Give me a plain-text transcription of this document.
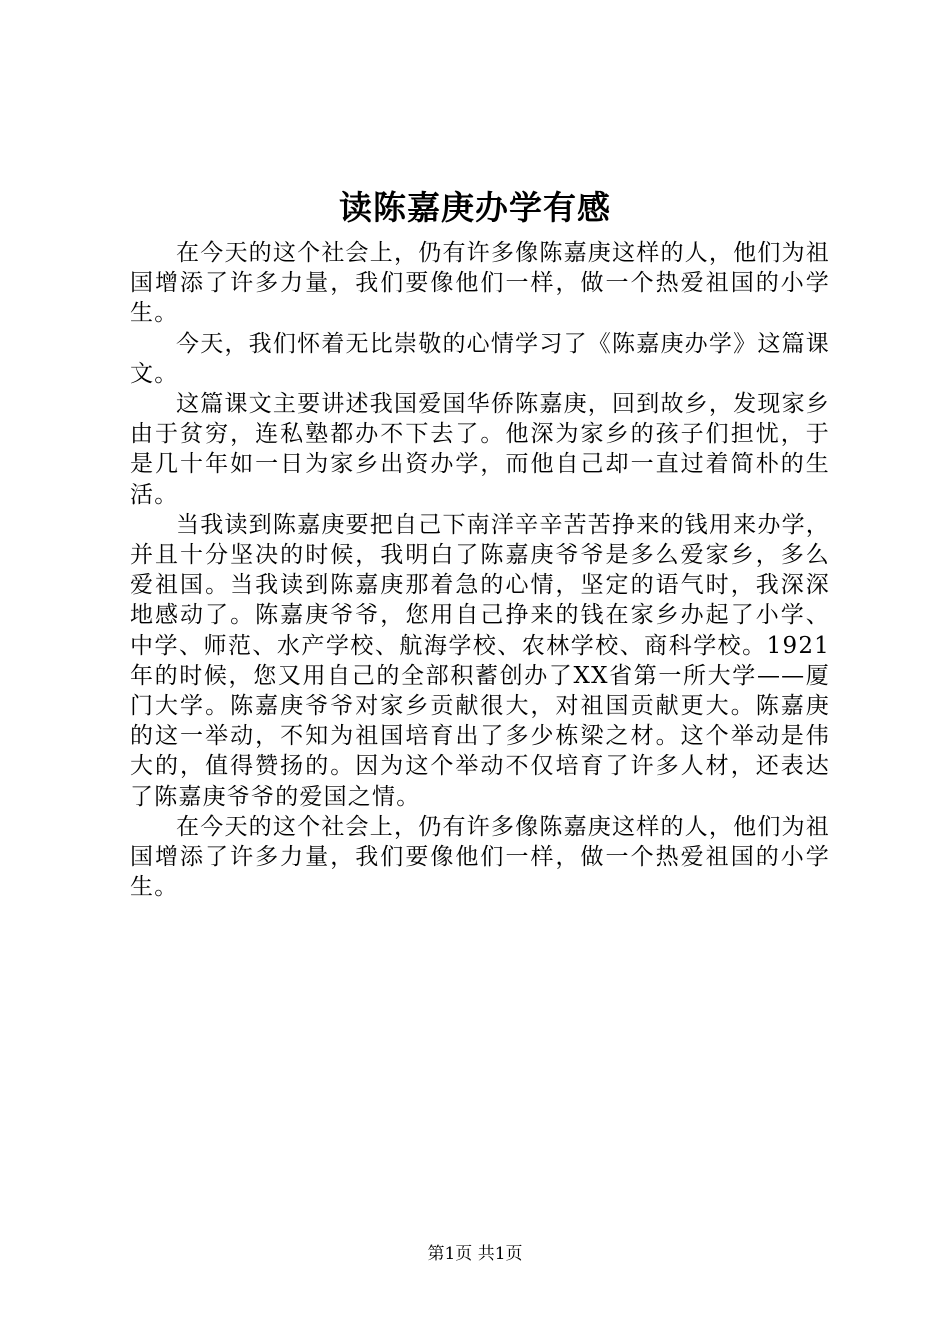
读陈嘉庚办学有感

在今天的这个社会上，仍有许多像陈嘉庚这样的人，他们为祖国增添了许多力量，我们要像他们一样，做一个热爱祖国的小学生。

今天，我们怀着无比崇敬的心情学习了《陈嘉庚办学》这篇课文。

这篇课文主要讲述我国爱国华侨陈嘉庚，回到故乡，发现家乡由于贫穷，连私塾都办不下去了。他深为家乡的孩子们担忧，于是几十年如一日为家乡出资办学，而他自己却一直过着简朴的生活。

当我读到陈嘉庚要把自己下南洋辛辛苦苦挣来的钱用来办学，并且十分坚决的时候，我明白了陈嘉庚爷爷是多么爱家乡，多么爱祖国。当我读到陈嘉庚那着急的心情，坚定的语气时，我深深地感动了。陈嘉庚爷爷，您用自己挣来的钱在家乡办起了小学、中学、师范、水产学校、航海学校、农林学校、商科学校。1921年的时候，您又用自己的全部积蓄创办了XX省第一所大学——厦门大学。陈嘉庚爷爷对家乡贡献很大，对祖国贡献更大。陈嘉庚的这一举动，不知为祖国培育出了多少栋梁之材。这个举动是伟大的，值得赞扬的。因为这个举动不仅培育了许多人材，还表达了陈嘉庚爷爷的爱国之情。

在今天的这个社会上，仍有许多像陈嘉庚这样的人，他们为祖国增添了许多力量，我们要像他们一样，做一个热爱祖国的小学生。

第1页 共1页
